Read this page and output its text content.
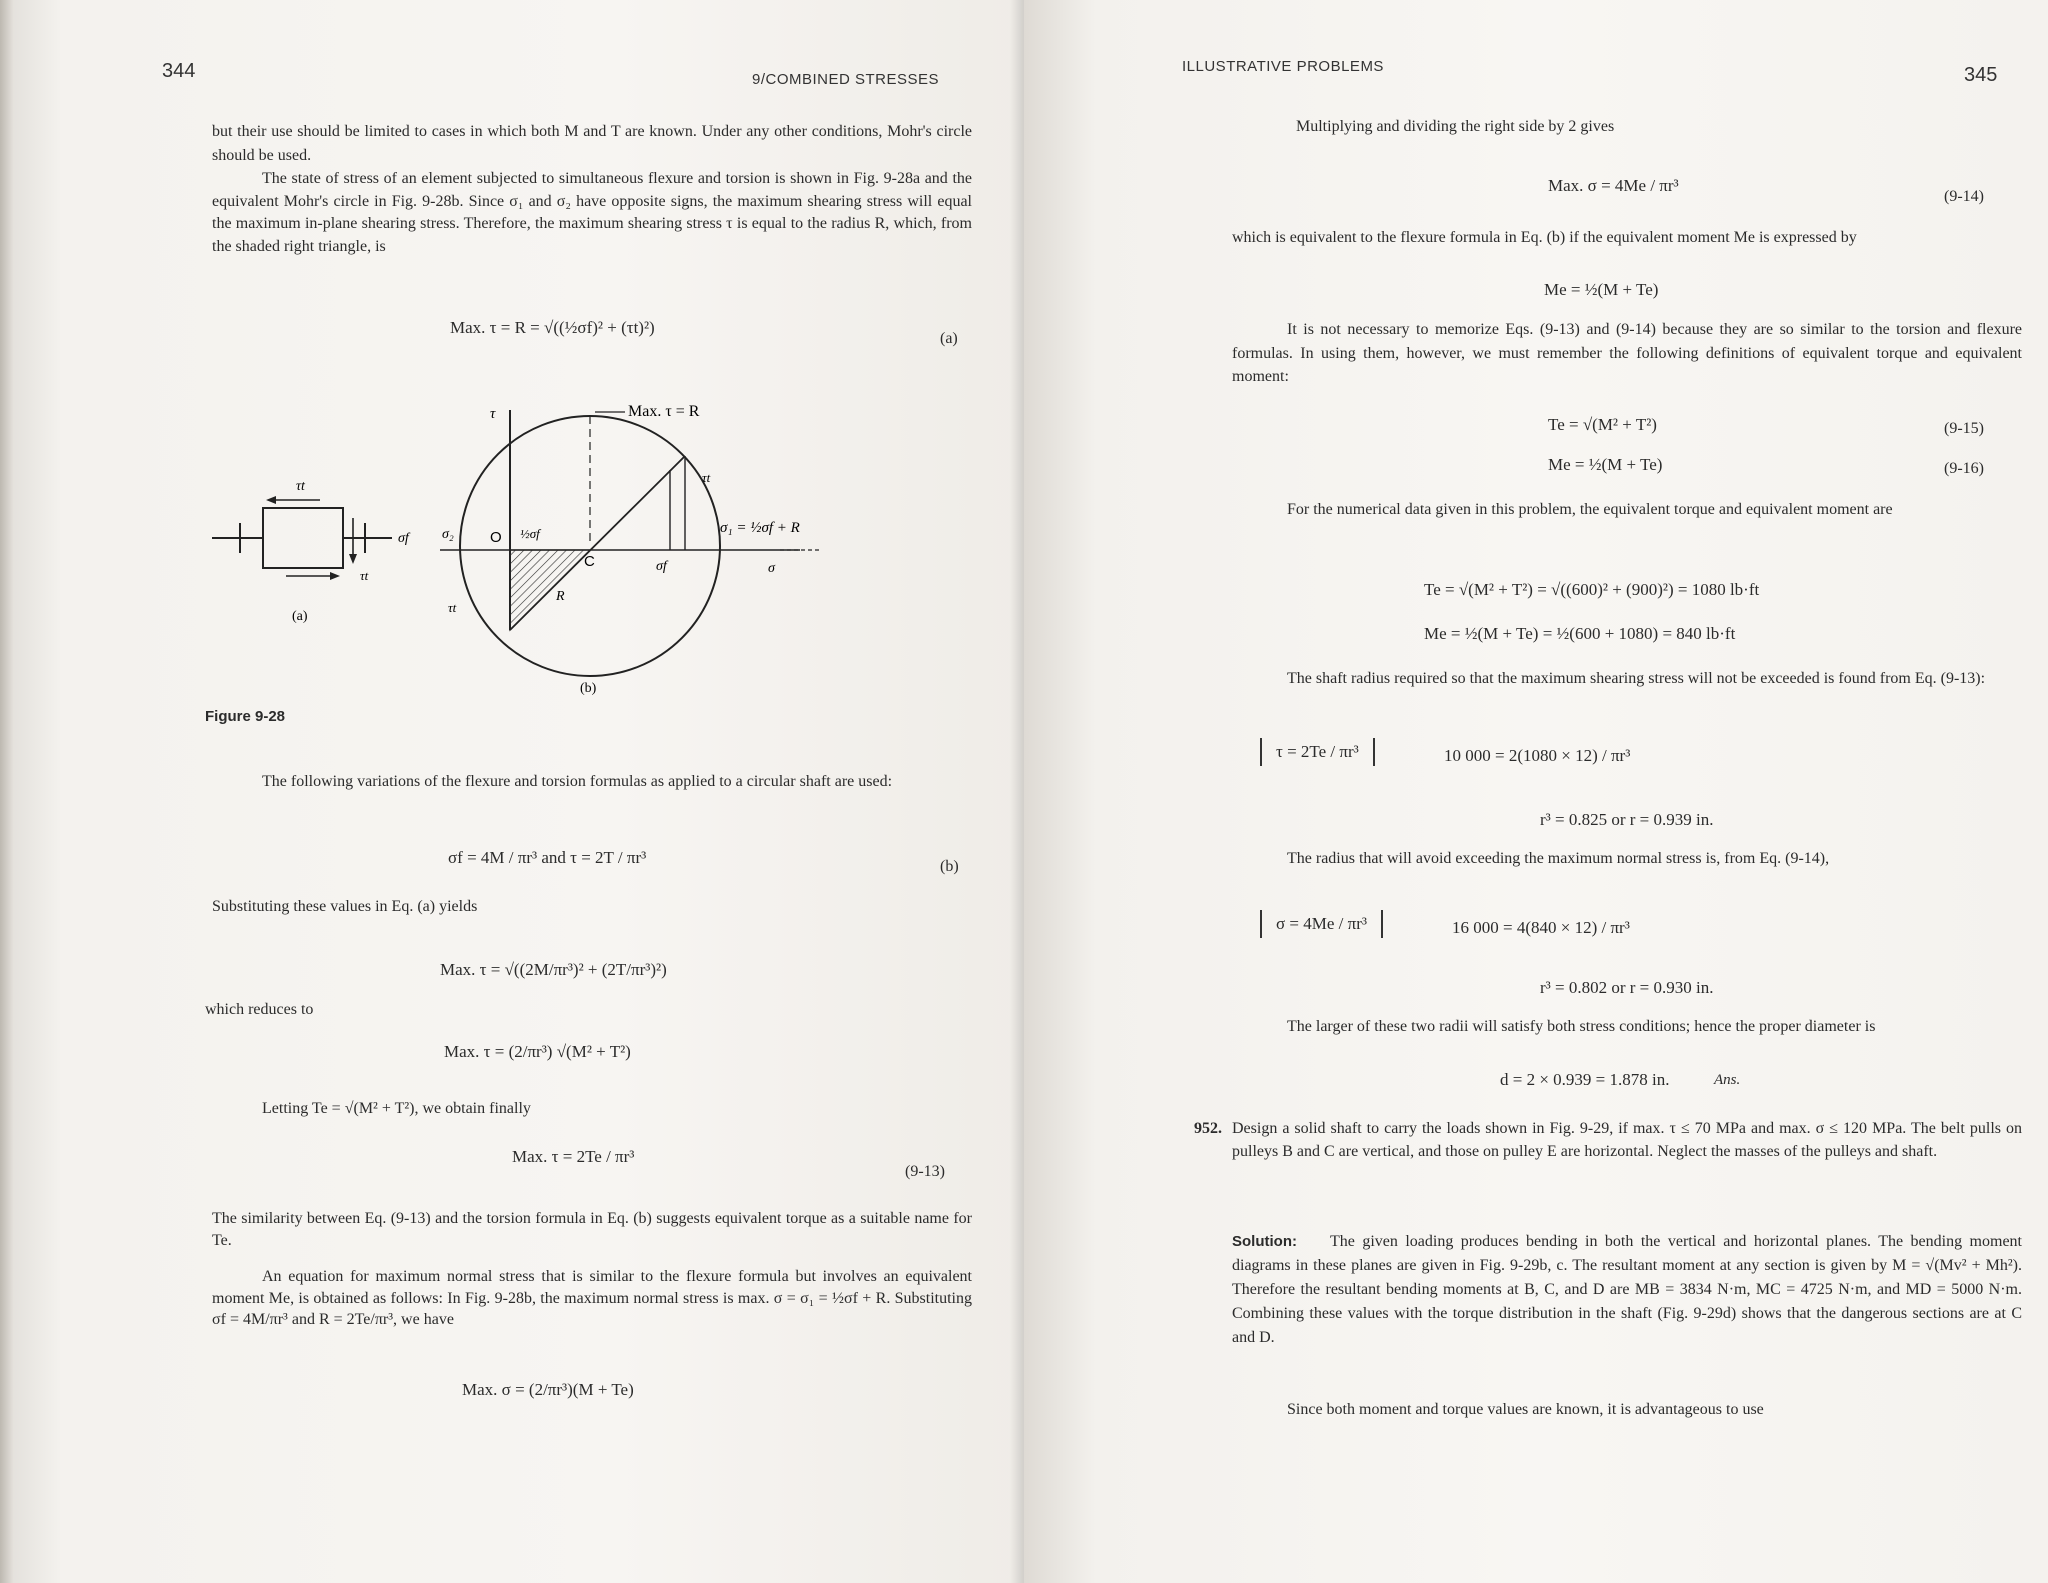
344	9/COMBINED STRESSES
but their use should be limited to cases in which both M and T are known. Under any other conditions, Mohr's circle should be used.
The state of stress of an element subjected to simultaneous flexure and torsion is shown in Fig. 9-28a and the equivalent Mohr's circle in Fig. 9-28b. Since σ₁ and σ₂ have opposite signs, the maximum shearing stress will equal the maximum in-plane shearing stress. Therefore, the maximum shearing stress τ is equal to the radius R, which, from the shaded right triangle, is
Max. τ = R = √((½σf)² + (τt)²)
(a)
τt
σf
τt
(a)
Max. τ = R
τ
σ₂ O ½σf
C	σf
R
τt
σ₁ = ½σf + R
σ
τt
(b)
Figure 9-28
The following variations of the flexure and torsion formulas as applied to a circular shaft are used:
σf = 4M / πr³ and τ = 2T / πr³	(b)
Substituting these values in Eq. (a) yields
Max. τ = √((2M/πr³)² + (2T/πr³)²)
which reduces to
Max. τ = (2/πr³) √(M² + T²)
Letting Te = √(M² + T²), we obtain finally
Max. τ = 2Te / πr³
(9-13)
The similarity between Eq. (9-13) and the torsion formula in Eq. (b) suggests equivalent torque as a suitable name for Te.
An equation for maximum normal stress that is similar to the flexure formula but involves an equivalent moment Me, is obtained as follows: In Fig. 9-28b, the maximum normal stress is max. σ = σ₁ = ½σf + R. Substituting σf = 4M/πr³ and R = 2Te/πr³, we have
Max. σ = (2/πr³)(M + Te)
ILLUSTRATIVE PROBLEMS	345
Multiplying and dividing the right side by 2 gives
Max. σ = 4Me / πr³
(9-14)
which is equivalent to the flexure formula in Eq. (b) if the equivalent moment Me is expressed by
Me = ½(M + Te)
It is not necessary to memorize Eqs. (9-13) and (9-14) because they are so similar to the torsion and flexure formulas. In using them, however, we must remember the following definitions of equivalent torque and equivalent moment:
Te = √(M² + T²)	(9-15)
Me = ½(M + Te)	(9-16)
For the numerical data given in this problem, the equivalent torque and equivalent moment are
Te = √(M² + T²) = √((600)² + (900)²) = 1080 lb·ft
Me = ½(M + Te) = ½(600 + 1080) = 840 lb·ft
The shaft radius required so that the maximum shearing stress will not be exceeded is found from Eq. (9-13):
τ = 2Te / πr³	10 000 = 2(1080 × 12) / πr³
r³ = 0.825 or r = 0.939 in.
The radius that will avoid exceeding the maximum normal stress is, from Eq. (9-14),
σ = 4Me / πr³	16 000 = 4(840 × 12) / πr³
r³ = 0.802 or r = 0.930 in.
The larger of these two radii will satisfy both stress conditions; hence the proper diameter is
d = 2 × 0.939 = 1.878 in.	Ans.
952. Design a solid shaft to carry the loads shown in Fig. 9-29, if max. τ ≤ 70 MPa and max. σ ≤ 120 MPa. The belt pulls on pulleys B and C are vertical, and those on pulley E are horizontal. Neglect the masses of the pulleys and shaft.
Solution:	The given loading produces bending in both the vertical and horizontal planes. The bending moment diagrams in these planes are given in Fig. 9-29b, c. The resultant moment at any section is given by M = √(Mv² + Mh²). Therefore the resultant bending moments at B, C, and D are MB = 3834 N·m, MC = 4725 N·m, and MD = 5000 N·m. Combining these values with the torque distribution in the shaft (Fig. 9-29d) shows that the dangerous sections are at C and D.
Since both moment and torque values are known, it is advantageous to use
